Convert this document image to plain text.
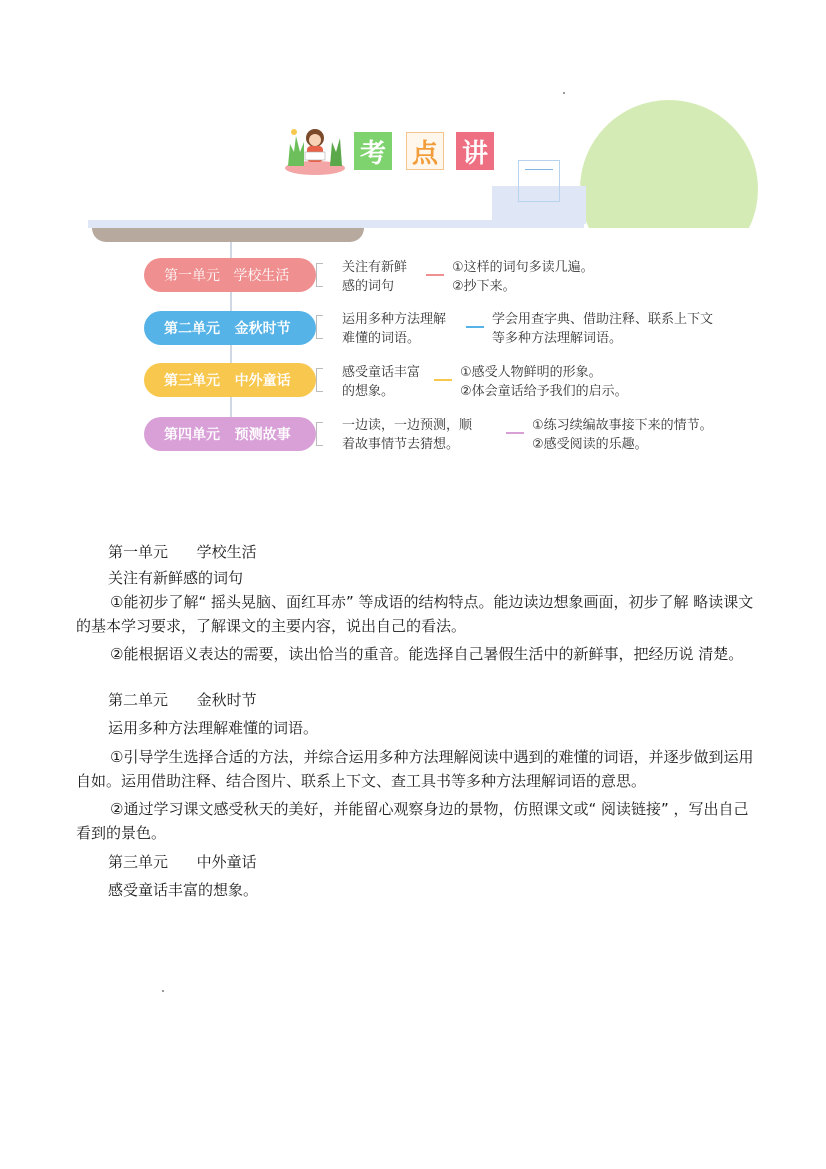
考 点 讲
第一单元   学校生活
第二单元   金秋时节
第三单元   中外童话
第四单元   预测故事
关注有新鲜
感的词句
①这样的词句多读几遍。
②抄下来。
运用多种方法理解
难懂的词语。
学会用查字典、借助注释、联系上下文
等多种方法理解词语。
感受童话丰富
的想象。
①感受人物鲜明的形象。
②体会童话给予我们的启示。
一边读，一边预测，顺
着故事情节去猜想。
①练习续编故事接下来的情节。
②感受阅读的乐趣。
第一单元      学校生活
关注有新鲜感的词句
①能初步了解“ 摇头晃脑、面红耳赤” 等成语的结构特点。能边读边想象画面，初步了解 略读课文的基本学习要求，了解课文的主要内容，说出自己的看法。
②能根据语义表达的需要，读出恰当的重音。能选择自己暑假生活中的新鲜事，把经历说 清楚。
第二单元      金秋时节
运用多种方法理解难懂的词语。
①引导学生选择合适的方法，并综合运用多种方法理解阅读中遇到的难懂的词语，并逐步做到运用自如。运用借助注释、结合图片、联系上下文、查工具书等多种方法理解词语的意思。
②通过学习课文感受秋天的美好，并能留心观察身边的景物，仿照课文或“ 阅读链接” ，写出自己看到的景色。
第三单元      中外童话
感受童话丰富的想象。
